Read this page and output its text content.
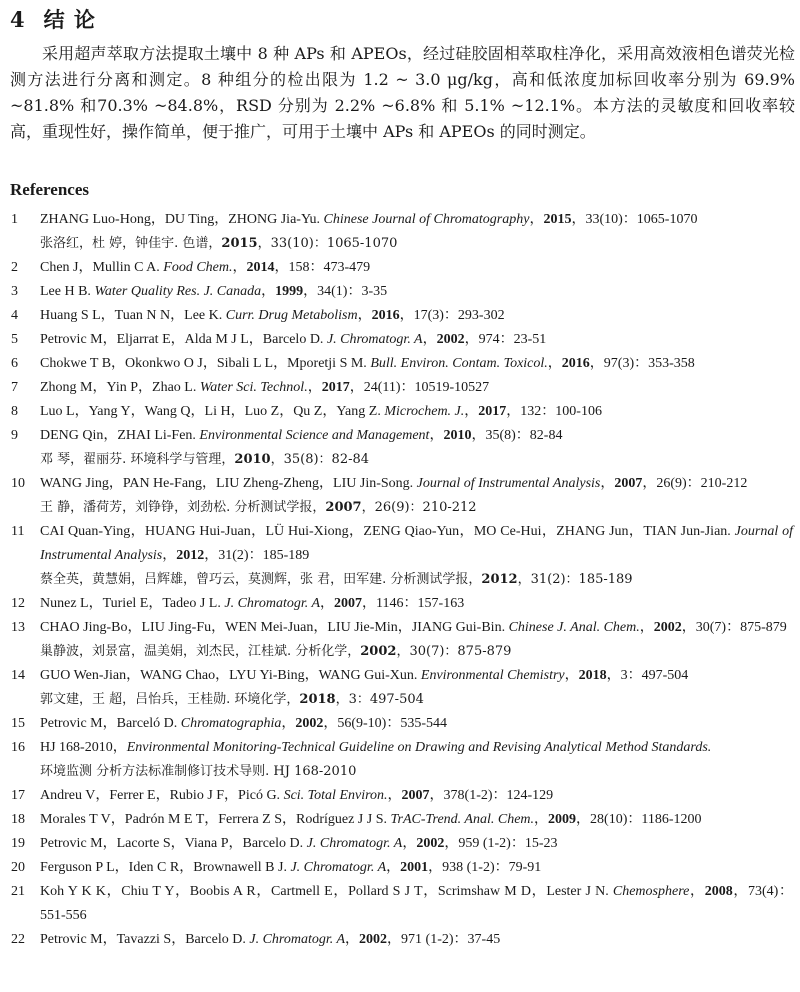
4 结 论

采用超声萃取方法提取土壤中 8 种 APs 和 APEOs，经过硅胶固相萃取柱净化，采用高效液相色谱荧光检测方法进行分离和测定。8 种组分的检出限为 1.2 ~ 3.0 μg/kg，高和低浓度加标回收率分别为 69.9% ~81.8% 和70.3% ~84.8%，RSD 分别为 2.2% ~6.8% 和 5.1% ~12.1%。本方法的灵敏度和回收率较高，重现性好，操作简单，便于推广，可用于土壤中 APs 和 APEOs 的同时测定。

References
1	ZHANG Luo-Hong，DU Ting，ZHONG Jia-Yu. Chinese Journal of Chromatography，2015，33(10)：1065-1070
张洛红，杜 婷，钟佳宇. 色谱，2015，33(10)：1065-1070
2	Chen J，Mullin C A. Food Chem.，2014，158：473-479
3	Lee H B. Water Quality Res. J. Canada，1999，34(1)：3-35
4	Huang S L，Tuan N N，Lee K. Curr. Drug Metabolism，2016，17(3)：293-302
5	Petrovic M，Eljarrat E，Alda M J L，Barcelo D. J. Chromatogr. A，2002，974：23-51
6	Chokwe T B，Okonkwo O J，Sibali L L，Mporetji S M. Bull. Environ. Contam. Toxicol.，2016，97(3)：353-358
7	Zhong M，Yin P，Zhao L. Water Sci. Technol.，2017，24(11)：10519-10527
8	Luo L，Yang Y，Wang Q，Li H，Luo Z，Qu Z，Yang Z. Microchem. J.，2017，132：100-106
9	DENG Qin，ZHAI Li-Fen. Environmental Science and Management，2010，35(8)：82-84
邓 琴，翟丽芬. 环境科学与管理，2010，35(8)：82-84
10	WANG Jing，PAN He-Fang，LIU Zheng-Zheng，LIU Jin-Song. Journal of Instrumental Analysis，2007，26(9)：210-212
王 静，潘荷芳，刘铮铮，刘劲松. 分析测试学报，2007，26(9)：210-212
11	CAI Quan-Ying，HUANG Hui-Juan，LÜ Hui-Xiong，ZENG Qiao-Yun，MO Ce-Hui，ZHANG Jun，TIAN Jun-Jian. Journal of Instrumental Analysis，2012，31(2)：185-189
蔡全英，黄慧娟，吕辉雄，曾巧云，莫测辉，张 君，田军建. 分析测试学报，2012，31(2)：185-189
12	Nunez L，Turiel E，Tadeo J L. J. Chromatogr. A，2007，1146：157-163
13	CHAO Jing-Bo，LIU Jing-Fu，WEN Mei-Juan，LIU Jie-Min，JIANG Gui-Bin. Chinese J. Anal. Chem.，2002，30(7)：875-879
巢静波，刘景富，温美娟，刘杰民，江桂斌. 分析化学，2002，30(7)：875-879
14	GUO Wen-Jian，WANG Chao，LYU Yi-Bing，WANG Gui-Xun. Environmental Chemistry，2018，3：497-504
郭文建，王 超，吕怡兵，王桂勋. 环境化学，2018，3：497-504
15	Petrovic M，Barceló D. Chromatographia，2002，56(9-10)：535-544
16	HJ 168-2010，Environmental Monitoring-Technical Guideline on Drawing and Revising Analytical Method Standards.
环境监测 分析方法标准制修订技术导则. HJ 168-2010
17	Andreu V，Ferrer E，Rubio J F，Picó G. Sci. Total Environ.，2007，378(1-2)：124-129
18	Morales T V，Padrón M E T，Ferrera Z S，Rodríguez J J S. TrAC-Trend. Anal. Chem.，2009，28(10)：1186-1200
19	Petrovic M，Lacorte S，Viana P，Barcelo D. J. Chromatogr. A，2002，959 (1-2)：15-23
20	Ferguson P L，Iden C R，Brownawell B J. J. Chromatogr. A，2001，938 (1-2)：79-91
21	Koh Y K K，Chiu T Y，Boobis A R，Cartmell E，Pollard S J T，Scrimshaw M D，Lester J N. Chemosphere，2008，73(4)：551-556
22	Petrovic M，Tavazzi S，Barcelo D. J. Chromatogr. A，2002，971 (1-2)：37-45
